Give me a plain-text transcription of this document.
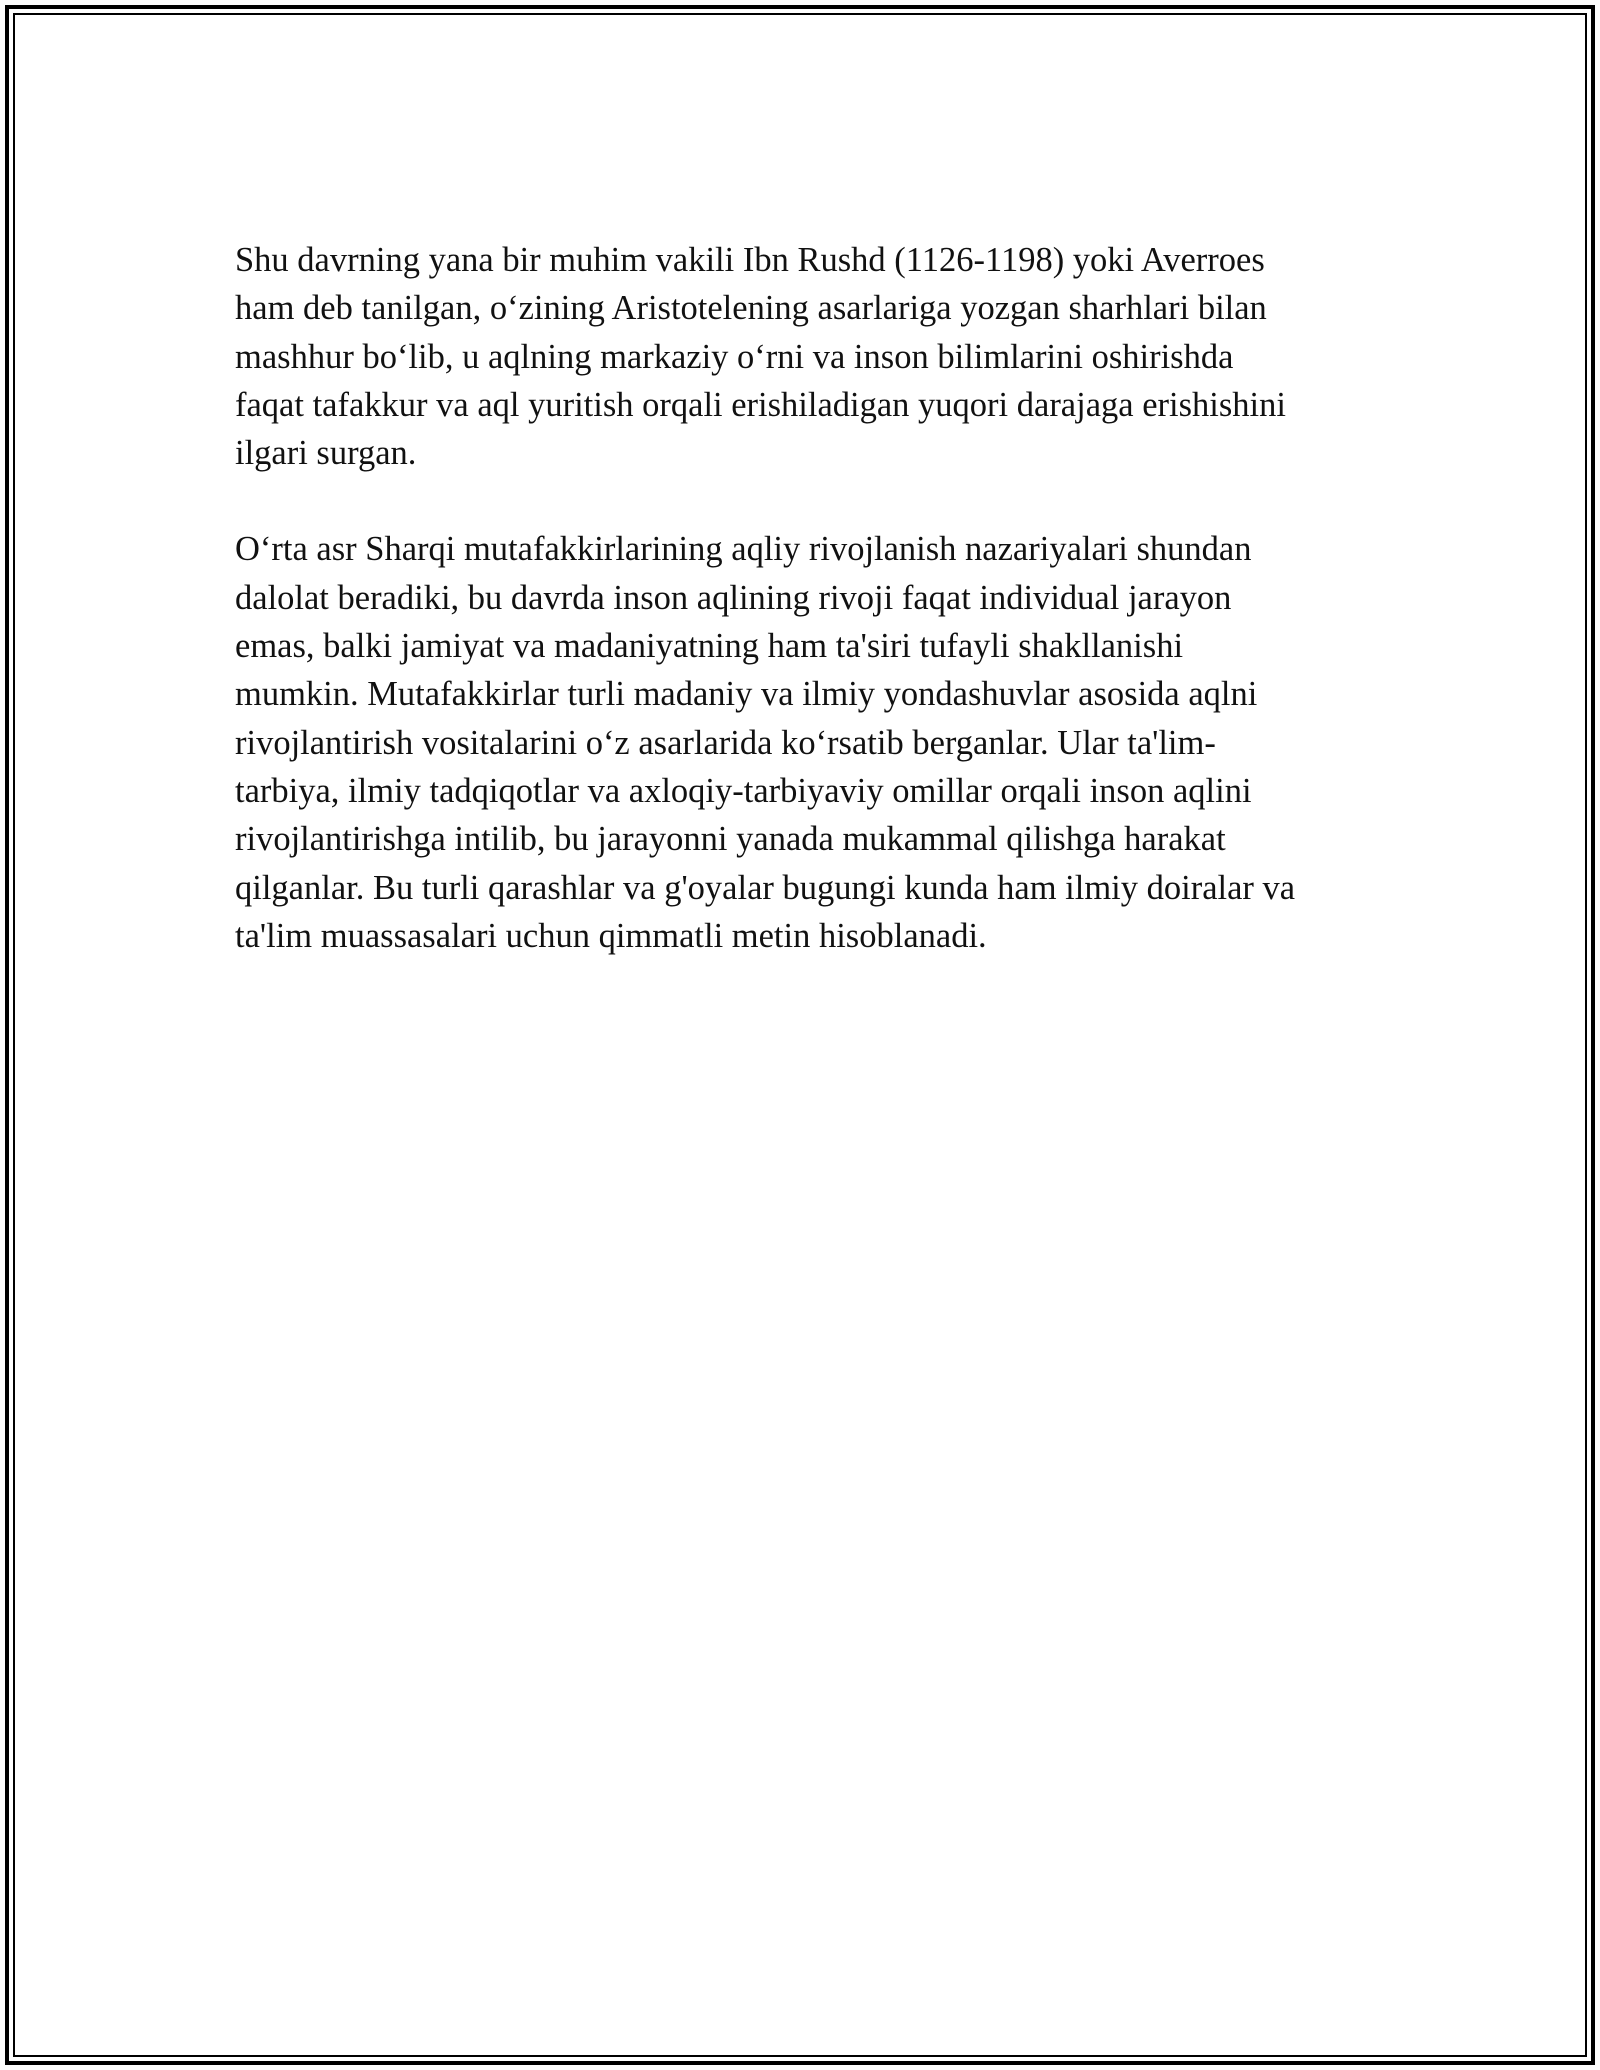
Shu davrning yana bir muhim vakili Ibn Rushd (1126-1198) yoki Averroes
ham deb tanilgan, o‘zining Aristotelening asarlariga yozgan sharhlari bilan
mashhur bo‘lib, u aqlning markaziy o‘rni va inson bilimlarini oshirishda
faqat tafakkur va aql yuritish orqali erishiladigan yuqori darajaga erishishini
ilgari surgan.

O‘rta asr Sharqi mutafakkirlarining aqliy rivojlanish nazariyalari shundan
dalolat beradiki, bu davrda inson aqlining rivoji faqat individual jarayon
emas, balki jamiyat va madaniyatning ham ta'siri tufayli shakllanishi
mumkin. Mutafakkirlar turli madaniy va ilmiy yondashuvlar asosida aqlni
rivojlantirish vositalarini o‘z asarlarida ko‘rsatib berganlar. Ular ta'lim-
tarbiya, ilmiy tadqiqotlar va axloqiy-tarbiyaviy omillar orqali inson aqlini
rivojlantirishga intilib, bu jarayonni yanada mukammal qilishga harakat
qilganlar. Bu turli qarashlar va g'oyalar bugungi kunda ham ilmiy doiralar va
ta'lim muassasalari uchun qimmatli metin hisoblanadi.
